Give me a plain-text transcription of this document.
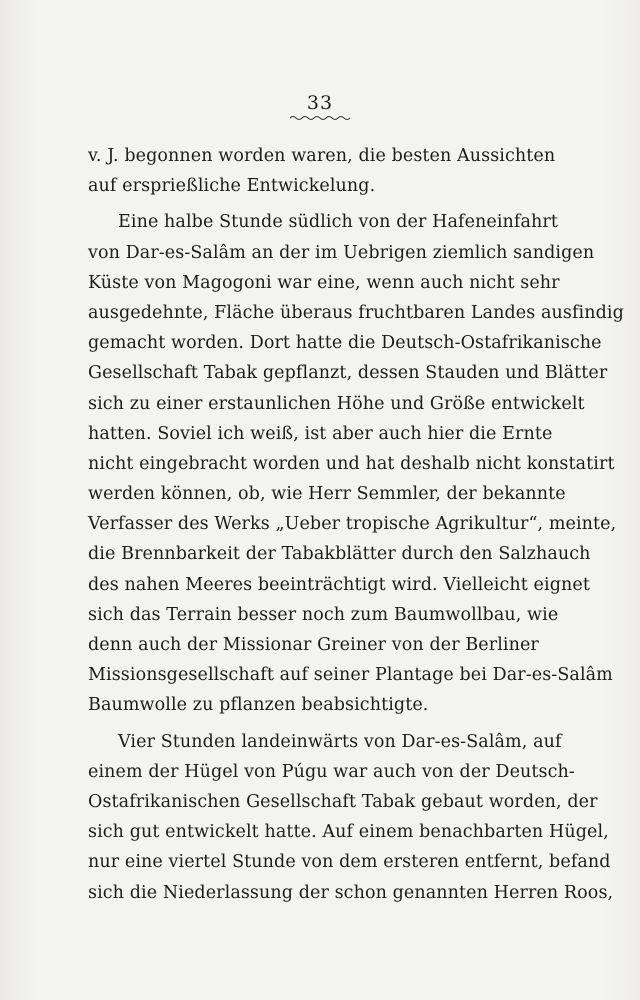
33
v. J. begonnen worden waren, die besten Aussichten
auf ersprießliche Entwickelung.
Eine halbe Stunde südlich von der Hafeneinfahrt
von Dar-es-Salâm an der im Uebrigen ziemlich sandigen
Küste von Magogoni war eine, wenn auch nicht sehr
ausgedehnte, Fläche überaus fruchtbaren Landes ausfindig
gemacht worden. Dort hatte die Deutsch-Ostafrikanische
Gesellschaft Tabak gepflanzt, dessen Stauden und Blätter
sich zu einer erstaunlichen Höhe und Größe entwickelt
hatten. Soviel ich weiß, ist aber auch hier die Ernte
nicht eingebracht worden und hat deshalb nicht konstatirt
werden können, ob, wie Herr Semmler, der bekannte
Verfasser des Werks „Ueber tropische Agrikultur“, meinte,
die Brennbarkeit der Tabakblätter durch den Salzhauch
des nahen Meeres beeinträchtigt wird. Vielleicht eignet
sich das Terrain besser noch zum Baumwollbau, wie
denn auch der Missionar Greiner von der Berliner
Missionsgesellschaft auf seiner Plantage bei Dar-es-Salâm
Baumwolle zu pflanzen beabsichtigte.
Vier Stunden landeinwärts von Dar-es-Salâm, auf
einem der Hügel von Púgu war auch von der Deutsch-
Ostafrikanischen Gesellschaft Tabak gebaut worden, der
sich gut entwickelt hatte. Auf einem benachbarten Hügel,
nur eine viertel Stunde von dem ersteren entfernt, befand
sich die Niederlassung der schon genannten Herren Roos,
